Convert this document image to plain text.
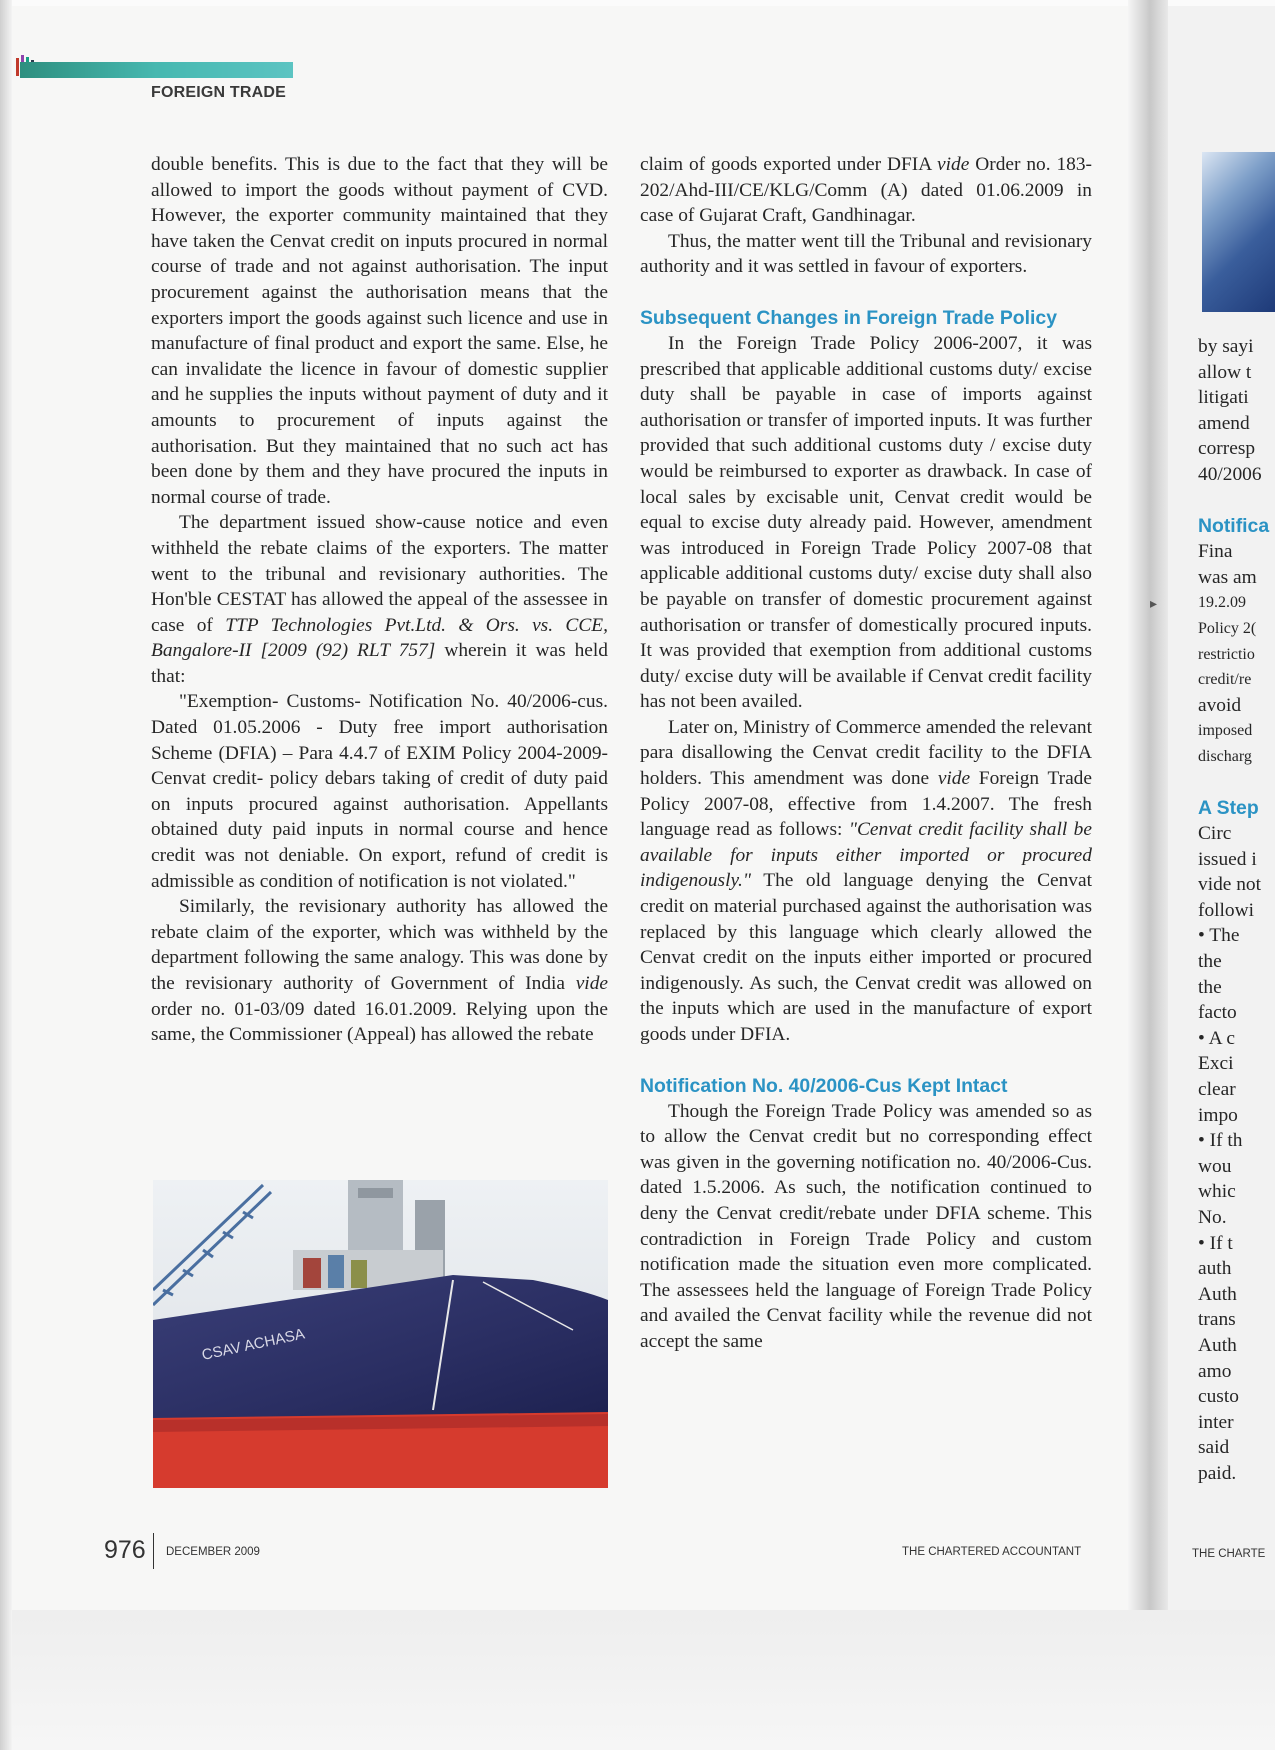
FOREIGN TRADE

double benefits. This is due to the fact that they will be allowed to import the goods without payment of CVD. However, the exporter community maintained that they have taken the Cenvat credit on inputs procured in normal course of trade and not against authorisation. The input procurement against the authorisation means that the exporters import the goods against such licence and use in manufacture of final product and export the same. Else, he can invalidate the licence in favour of domestic supplier and he supplies the inputs without payment of duty and it amounts to procurement of inputs against the authorisation. But they maintained that no such act has been done by them and they have procured the inputs in normal course of trade.

The department issued show-cause notice and even withheld the rebate claims of the exporters. The matter went to the tribunal and revisionary authorities. The Hon'ble CESTAT has allowed the appeal of the assessee in case of TTP Technologies Pvt.Ltd. & Ors. vs. CCE, Bangalore-II [2009 (92) RLT 757] wherein it was held that:

"Exemption- Customs- Notification No. 40/2006-cus. Dated 01.05.2006 - Duty free import authorisation Scheme (DFIA) – Para 4.4.7 of EXIM Policy 2004-2009- Cenvat credit- policy debars taking of credit of duty paid on inputs procured against authorisation. Appellants obtained duty paid inputs in normal course and hence credit was not deniable. On export, refund of credit is admissible as condition of notification is not violated."

Similarly, the revisionary authority has allowed the rebate claim of the exporter, which was withheld by the department following the same analogy. This was done by the revisionary authority of Government of India vide order no. 01-03/09 dated 16.01.2009. Relying upon the same, the Commissioner (Appeal) has allowed the rebate

CSAV ACHASA

claim of goods exported under DFIA vide Order no. 183-202/Ahd-III/CE/KLG/Comm (A) dated 01.06.2009 in case of Gujarat Craft, Gandhinagar.

Thus, the matter went till the Tribunal and revisionary authority and it was settled in favour of exporters.

Subsequent Changes in Foreign Trade Policy

In the Foreign Trade Policy 2006-2007, it was prescribed that applicable additional customs duty/ excise duty shall be payable in case of imports against authorisation or transfer of imported inputs. It was further provided that such additional customs duty / excise duty would be reimbursed to exporter as drawback. In case of local sales by excisable unit, Cenvat credit would be equal to excise duty already paid. However, amendment was introduced in Foreign Trade Policy 2007-08 that applicable additional customs duty/ excise duty shall also be payable on transfer of domestic procurement against authorisation or transfer of domestically procured inputs. It was provided that exemption from additional customs duty/ excise duty will be available if Cenvat credit facility has not been availed.

Later on, Ministry of Commerce amended the relevant para disallowing the Cenvat credit facility to the DFIA holders. This amendment was done vide Foreign Trade Policy 2007-08, effective from 1.4.2007. The fresh language read as follows: "Cenvat credit facility shall be available for inputs either imported or procured indigenously." The old language denying the Cenvat credit on material purchased against the authorisation was replaced by this language which clearly allowed the Cenvat credit on the inputs either imported or procured indigenously. As such, the Cenvat credit was allowed on the inputs which are used in the manufacture of export goods under DFIA.

Notification No. 40/2006-Cus Kept Intact

Though the Foreign Trade Policy was amended so as to allow the Cenvat credit but no corresponding effect was given in the governing notification no. 40/2006-Cus. dated 1.5.2006. As such, the notification continued to deny the Cenvat credit/rebate under DFIA scheme. This contradiction in Foreign Trade Policy and custom notification made the situation even more complicated. The assessees held the language of Foreign Trade Policy and availed the Cenvat facility while the revenue did not accept the same

976 DECEMBER 2009	THE CHARTERED ACCOUNTANT
▸

by sayi

allow t

litigati

amend

corresp

40/2006

Notifica

Fina

was am

19.2.09

Policy 2(

restrictio

credit/re

avoid

imposed

discharg

A Step

Circ

issued i

vide not

followi

• The

the

the

facto

• A c

Exci

clear

impo

• If th

wou

whic

No.

• If t

auth

Auth

trans

Auth

amo

custo

inter

said

paid.

THE CHARTE
